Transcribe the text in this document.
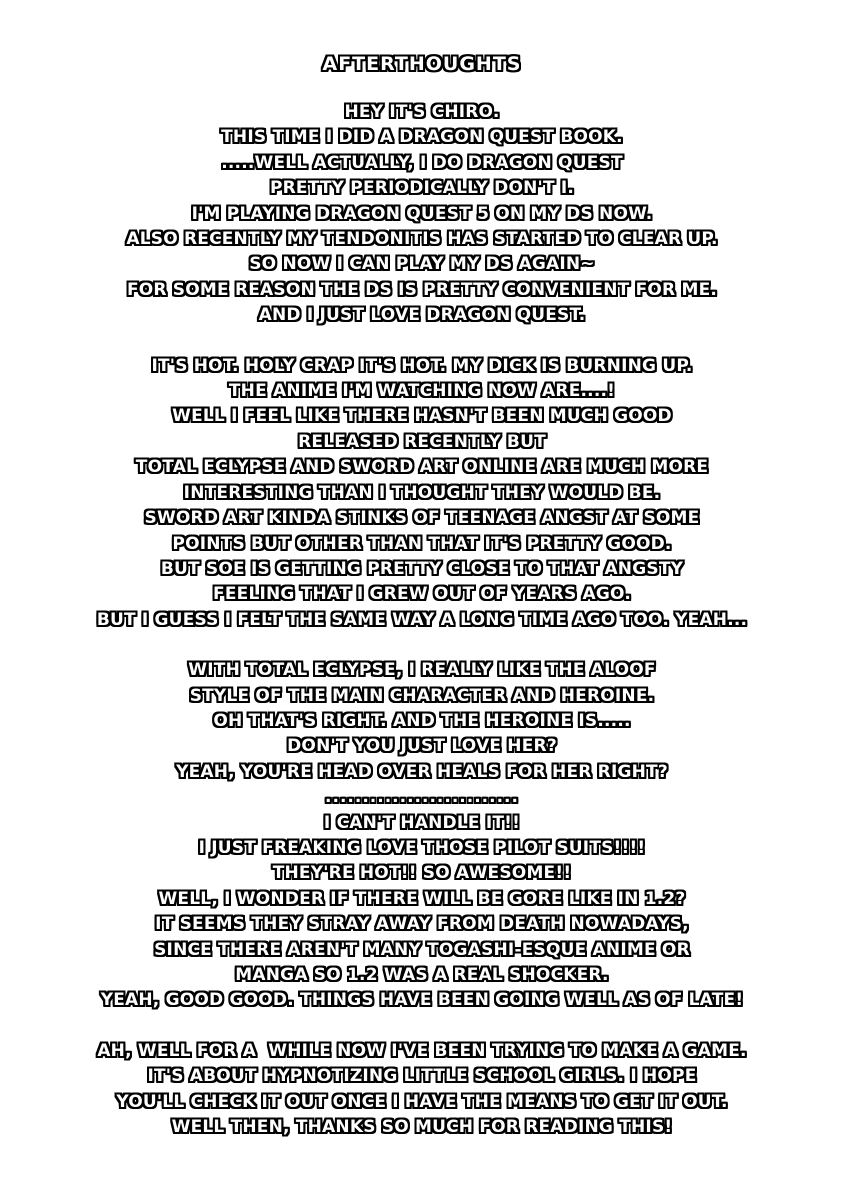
AFTERTHOUGHTS
HEY IT'S CHIRO.
THIS TIME I DID A DRAGON QUEST BOOK.
.....WELL ACTUALLY, I DO DRAGON QUEST
PRETTY PERIODICALLY DON'T I.
I'M PLAYING DRAGON QUEST 5 ON MY DS NOW.
ALSO RECENTLY MY TENDONITIS HAS STARTED TO CLEAR UP.
SO NOW I CAN PLAY MY DS AGAIN~
FOR SOME REASON THE DS IS PRETTY CONVENIENT FOR ME.
AND I JUST LOVE DRAGON QUEST.
IT'S HOT. HOLY CRAP IT'S HOT. MY DICK IS BURNING UP.
THE ANIME I'M WATCHING NOW ARE....!
WELL I FEEL LIKE THERE HASN'T BEEN MUCH GOOD
RELEASED RECENTLY BUT
TOTAL ECLYPSE AND SWORD ART ONLINE ARE MUCH MORE
INTERESTING THAN I THOUGHT THEY WOULD BE.
SWORD ART KINDA STINKS OF TEENAGE ANGST AT SOME
POINTS BUT OTHER THAN THAT IT'S PRETTY GOOD.
BUT SOE IS GETTING PRETTY CLOSE TO THAT ANGSTY
FEELING THAT I GREW OUT OF YEARS AGO.
BUT I GUESS I FELT THE SAME WAY A LONG TIME AGO TOO. YEAH...
WITH TOTAL ECLYPSE, I REALLY LIKE THE ALOOF
STYLE OF THE MAIN CHARACTER AND HEROINE.
OH THAT'S RIGHT. AND THE HEROINE IS.....
DON'T YOU JUST LOVE HER?
YEAH, YOU'RE HEAD OVER HEALS FOR HER RIGHT?
..........................
I CAN'T HANDLE IT!!
I JUST FREAKING LOVE THOSE PILOT SUITS!!!!
THEY'RE HOT!! SO AWESOME!!
WELL, I WONDER IF THERE WILL BE GORE LIKE IN 1.2?
IT SEEMS THEY STRAY AWAY FROM DEATH NOWADAYS,
SINCE THERE AREN'T MANY TOGASHI-ESQUE ANIME OR
MANGA SO 1.2 WAS A REAL SHOCKER.
YEAH, GOOD GOOD. THINGS HAVE BEEN GOING WELL AS OF LATE!
AH, WELL FOR A  WHILE NOW I'VE BEEN TRYING TO MAKE A GAME.
IT'S ABOUT HYPNOTIZING LITTLE SCHOOL GIRLS. I HOPE
YOU'LL CHECK IT OUT ONCE I HAVE THE MEANS TO GET IT OUT.
WELL THEN, THANKS SO MUCH FOR READING THIS!
